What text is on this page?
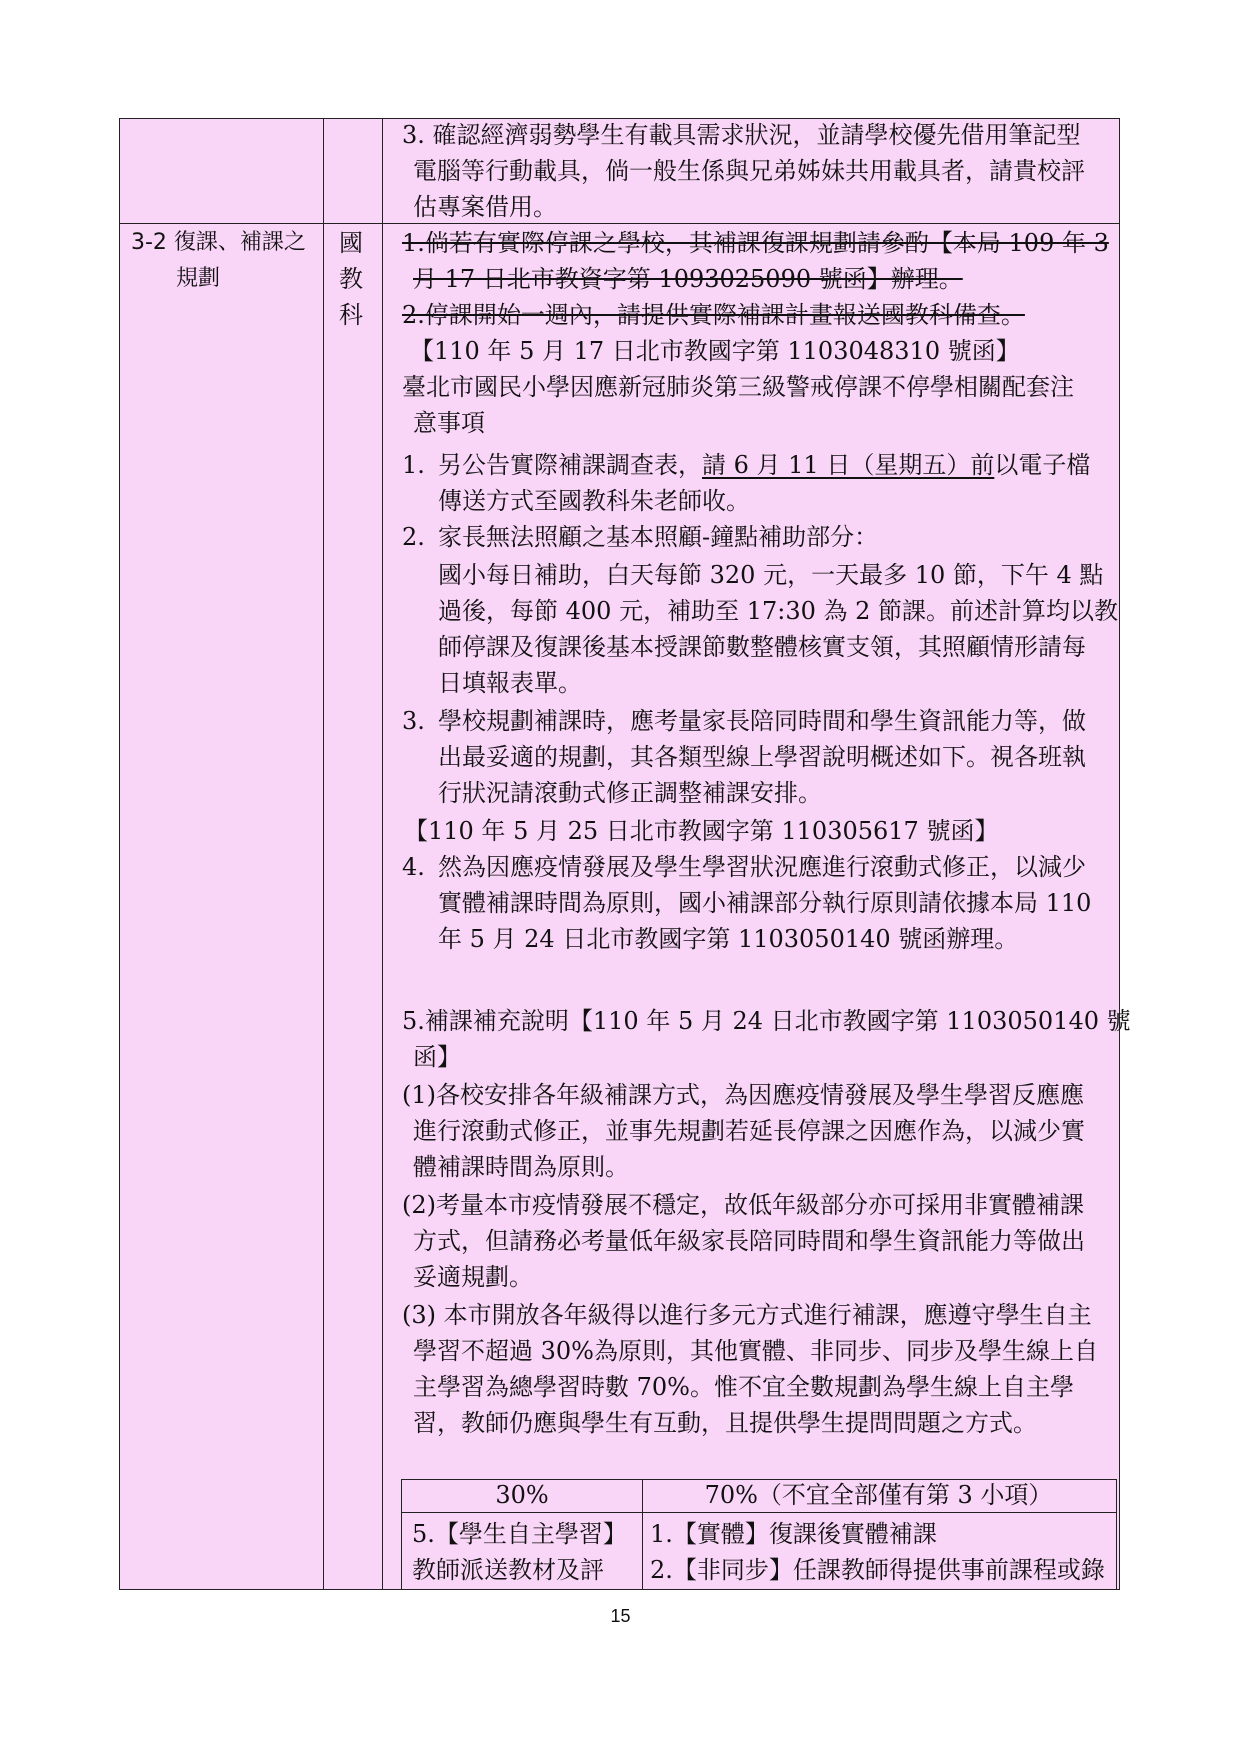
3. 確認經濟弱勢學生有載具需求狀況，並請學校優先借用筆記型
電腦等行動載具，倘一般生係與兄弟姊妹共用載具者，請貴校評
估專案借用。
3-2 復課、補課之
規劃
國
教
科
1.倘若有實際停課之學校，其補課復課規劃請參酌【本局 109 年 3
月 17 日北市教資字第 1093025090 號函】辦理。
2.停課開始一週內，請提供實際補課計畫報送國教科備查。
【110 年 5 月 17 日北市教國字第 1103048310 號函】
臺北市國民小學因應新冠肺炎第三級警戒停課不停學相關配套注
意事項
1. 另公告實際補課調查表，請 6 月 11 日（星期五）前以電子檔
傳送方式至國教科朱老師收。
2. 家長無法照顧之基本照顧-鐘點補助部分：
國小每日補助，白天每節 320 元，一天最多 10 節，下午 4 點
過後，每節 400 元，補助至 17:30 為 2 節課。前述計算均以教
師停課及復課後基本授課節數整體核實支領，其照顧情形請每
日填報表單。
3. 學校規劃補課時，應考量家長陪同時間和學生資訊能力等，做
出最妥適的規劃，其各類型線上學習說明概述如下。視各班執
行狀況請滾動式修正調整補課安排。
【110 年 5 月 25 日北市教國字第 110305617 號函】
4. 然為因應疫情發展及學生學習狀況應進行滾動式修正，以減少
實體補課時間為原則，國小補課部分執行原則請依據本局 110
年 5 月 24 日北市教國字第 1103050140 號函辦理。
5.補課補充說明【110 年 5 月 24 日北市教國字第 1103050140 號
函】
(1)各校安排各年級補課方式，為因應疫情發展及學生學習反應應
進行滾動式修正，並事先規劃若延長停課之因應作為，以減少實
體補課時間為原則。
(2)考量本市疫情發展不穩定，故低年級部分亦可採用非實體補課
方式，但請務必考量低年級家長陪同時間和學生資訊能力等做出
妥適規劃。
(3) 本市開放各年級得以進行多元方式進行補課，應遵守學生自主
學習不超過 30%為原則，其他實體、非同步、同步及學生線上自
主學習為總學習時數 70%。惟不宜全數規劃為學生線上自主學
習，教師仍應與學生有互動，且提供學生提問問題之方式。
30%	70%（不宜全部僅有第 3 小項）
5.【學生自主學習】
教師派送教材及評
1.【實體】復課後實體補課
2.【非同步】任課教師得提供事前課程或錄
15
